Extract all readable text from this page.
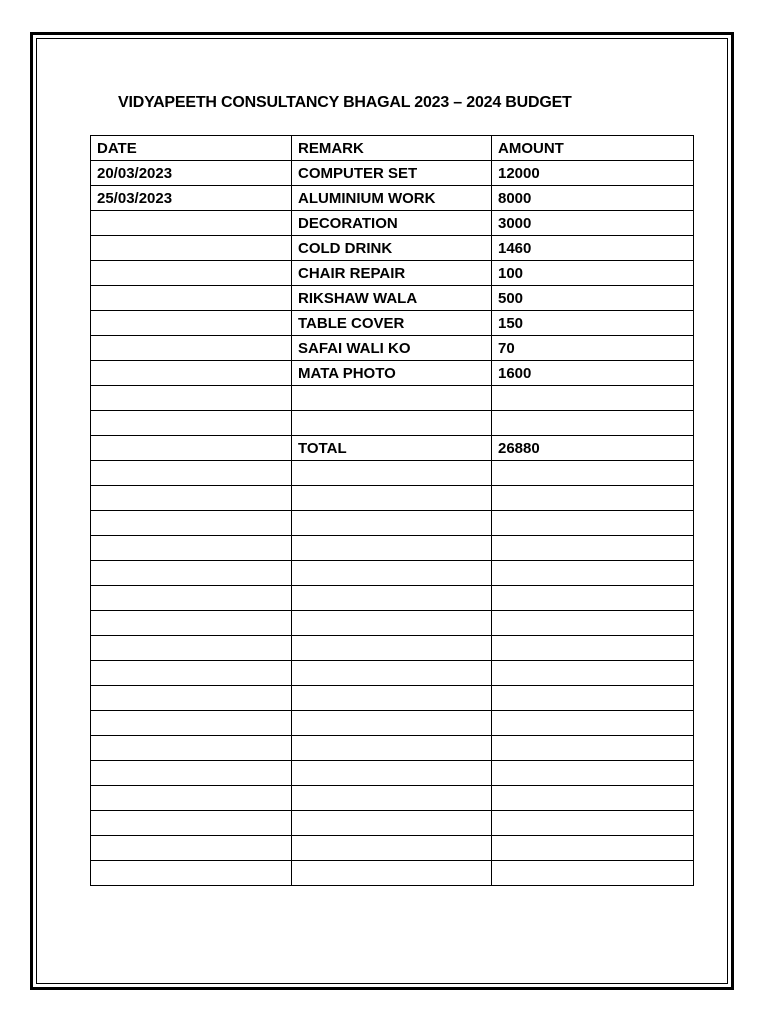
VIDYAPEETH CONSULTANCY BHAGAL 2023 – 2024 BUDGET
DATE	REMARK	AMOUNT
20/03/2023	COMPUTER SET	12000
25/03/2023	ALUMINIUM WORK	8000
	DECORATION	3000
	COLD DRINK	1460
	CHAIR REPAIR	100
	RIKSHAW WALA	500
	TABLE COVER	150
	SAFAI WALI KO	70
	MATA PHOTO	1600

	TOTAL	26880
